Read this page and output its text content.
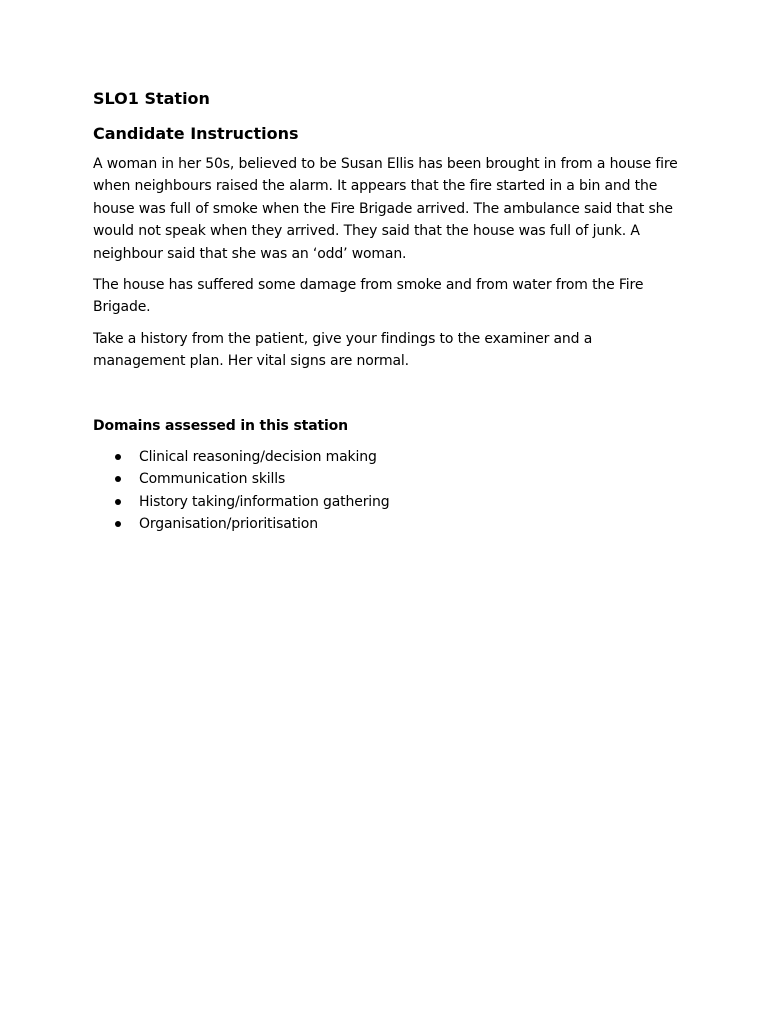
SLO1 Station
Candidate Instructions

A woman in her 50s, believed to be Susan Ellis has been brought in from a house fire when neighbours raised the alarm. It appears that the fire started in a bin and the house was full of smoke when the Fire Brigade arrived. The ambulance said that she would not speak when they arrived. They said that the house was full of junk. A neighbour said that she was an ‘odd’ woman.

The house has suffered some damage from smoke and from water from the Fire Brigade.

Take a history from the patient, give your findings to the examiner and a management plan. Her vital signs are normal.

Domains assessed in this station
Clinical reasoning/decision making
Communication skills
History taking/information gathering
Organisation/prioritisation
